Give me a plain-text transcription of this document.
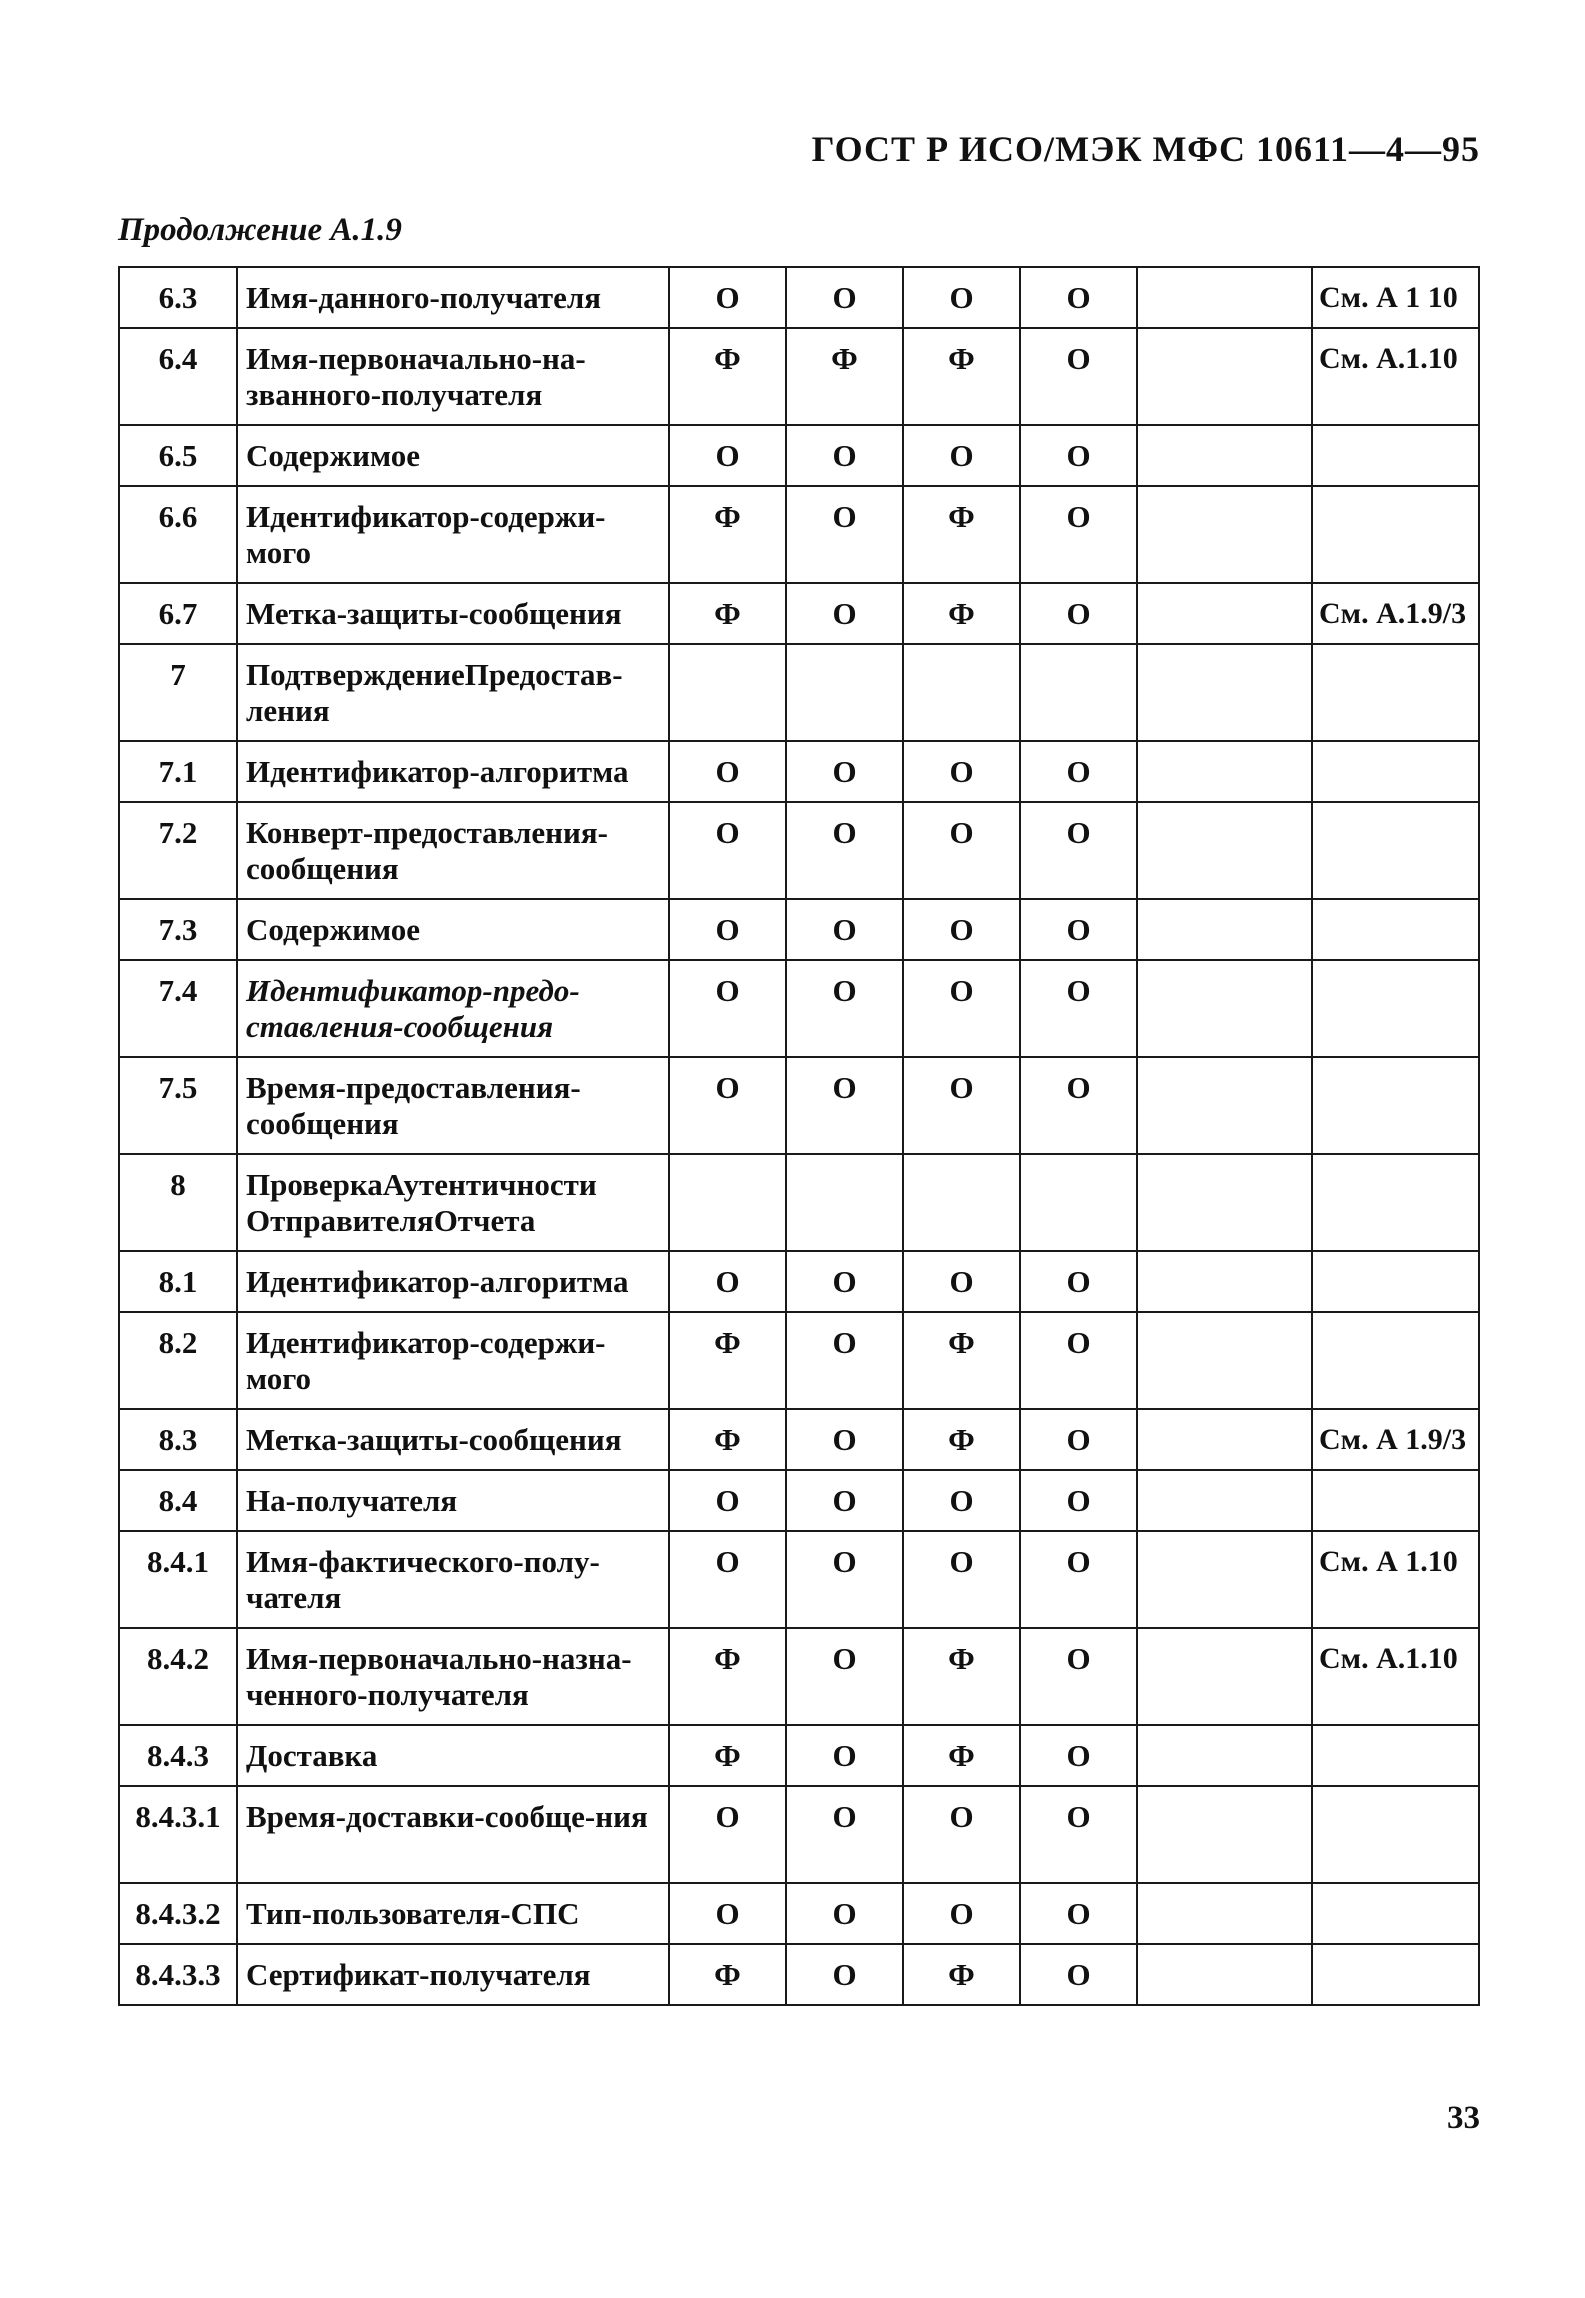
ГОСТ Р ИСО/МЭК МФС 10611—4—95
Продолжение А.1.9
6.3	Имя-данного-получателя	О	О	О	О		См. А 1 10
6.4	Имя-первоначально-на-званного-получателя	Ф	Ф	Ф	О		См. А.1.10
6.5	Содержимое	О	О	О	О		
6.6	Идентификатор-содержи-мого	Ф	О	Ф	О		
6.7	Метка-защиты-сообщения	Ф	О	Ф	О		См. А.1.9/3
7	ПодтверждениеПредостав-ления						
7.1	Идентификатор-алгоритма	О	О	О	О		
7.2	Конверт-предоставления-сообщения	О	О	О	О		
7.3	Содержимое	О	О	О	О		
7.4	Идентификатор-предо-ставления-сообщения	О	О	О	О		
7.5	Время-предоставления-сообщения	О	О	О	О		
8	ПроверкаАутентичности ОтправителяОтчета						
8.1	Идентификатор-алгоритма	О	О	О	О		
8.2	Идентификатор-содержи-мого	Ф	О	Ф	О		
8.3	Метка-защиты-сообщения	Ф	О	Ф	О		См. А 1.9/3
8.4	На-получателя	О	О	О	О		
8.4.1	Имя-фактического-полу-чателя	О	О	О	О		См. А 1.10
8.4.2	Имя-первоначально-назна-ченного-получателя	Ф	О	Ф	О		См. А.1.10
8.4.3	Доставка	Ф	О	Ф	О		
8.4.3.1	Время-доставки-сообще-ния	О	О	О	О		
8.4.3.2	Тип-пользователя-СПС	О	О	О	О		
8.4.3.3	Сертификат-получателя	Ф	О	Ф	О		
33
